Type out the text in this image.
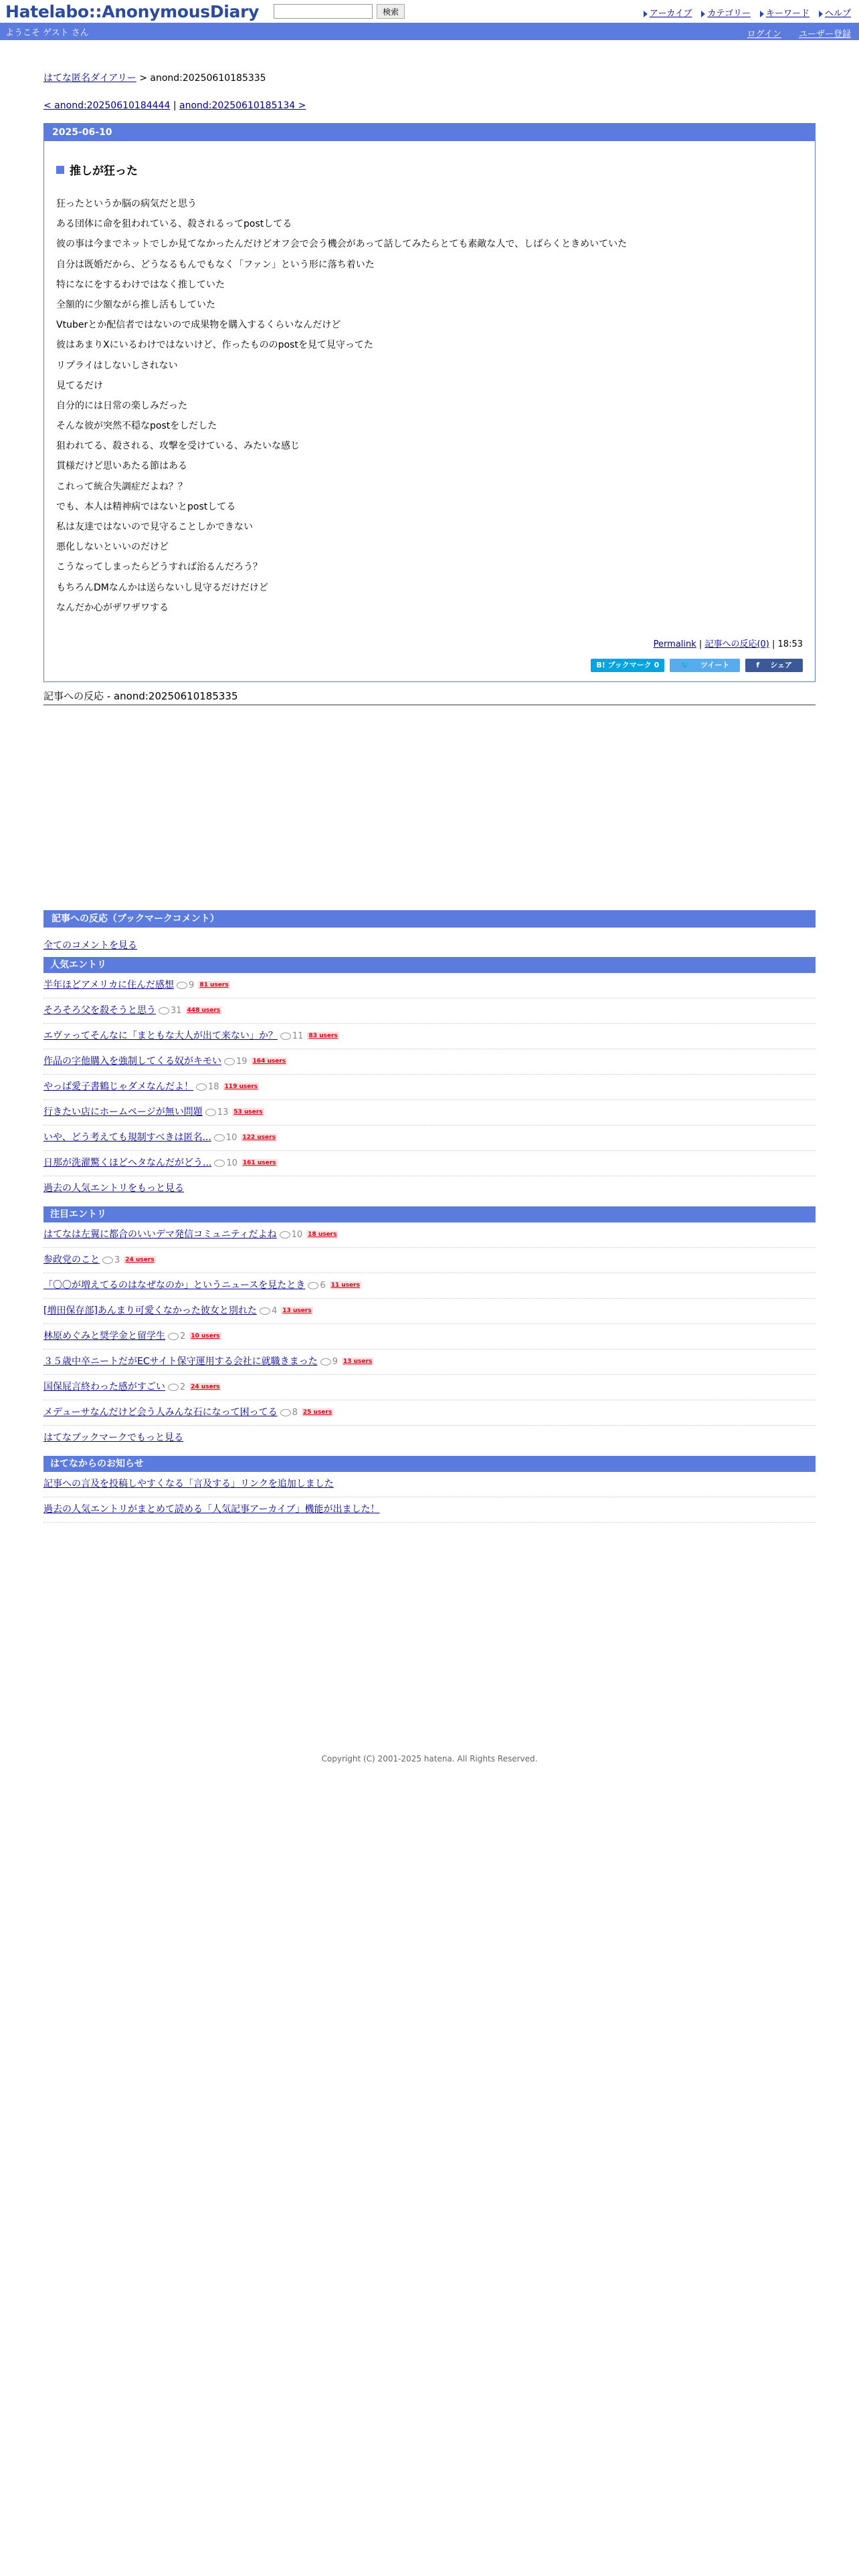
Hatelabo::AnonymousDiary	検索	アーカイブ	カテゴリー	キーワード	ヘルプ
ようこそ ゲスト さん	ログイン ユーザー登録
はてな匿名ダイアリー > anond:20250610185335
< anond:20250610184444 | anond:20250610185134 >
2025-06-10
推しが狂った
狂ったというか脳の病気だと思う
ある団体に命を狙われている、殺されるってpostしてる
彼の事は今までネットでしか見てなかったんだけどオフ会で会う機会があって話してみたらとても素敵な人で、しばらくときめいていた
自分は既婚だから、どうなるもんでもなく「ファン」という形に落ち着いた
特になにをするわけではなく推していた
全額的に少額ながら推し活もしていた
Vtuberとか配信者ではないので成果物を購入するくらいなんだけど
彼はあまりXにいるわけではないけど、作ったもののpostを見て見守ってた
リプライはしないしされない
見てるだけ
自分的には日常の楽しみだった
そんな彼が突然不穏なpostをしだした
狙われてる、殺される、攻撃を受けている、みたいな感じ
貫様だけど思いあたる節はある
これって統合失調症だよね？？
でも、本人は精神病ではないとpostしてる
私は友達ではないので見守ることしかできない
悪化しないといいのだけど
こうなってしまったらどうすれば治るんだろう？
もちろんDMなんかは送らないし見守るだけだけど
なんだか心がザワザワする
Permalink | 記事への反応(0) | 18:53
B! ブックマーク 0	🐦ツイート	fシェア
記事への反応 - anond:20250610185335
記事への反応（ブックマークコメント）
全てのコメントを見る
人気エントリ
半年ほどアメリカに住んだ感想 9 81 users
そろそろ父を殺そうと思う 31 448 users
エヴァってそんなに「まともな大人が出て来ない」か？ 11 83 users
作品の字他購入を強制してくる奴がキモい 19 164 users
やっぱ愛子書鶴じゃダメなんだよ！ 18 119 users
行きたい店にホームページが無い問題 13 53 users
いや、どう考えても規制すべきは匿名... 10 122 users
日那が洗濯驚くほどヘタなんだがどう... 10 161 users
過去の人気エントリをもっと見る
注目エントリ
はてなは左翼に都合のいいデマ発信コミュニティだよね 10 18 users
参政党のこと 3 24 users
「〇〇が増えてるのはなぜなのか」というニュースを見たとき 6 11 users
[増田保存部]あんまり可愛くなかった彼女と別れた 4 13 users
林原めぐみと奨学金と留学生 2 10 users
３５歳中卒ニートだがECサイト保守運用する会社に就職きまった 9 13 users
国保屁言終わった感がすごい 2 24 users
メデューサなんだけど会う人みんな石になって困ってる 8 25 users
はてなブックマークでもっと見る
はてなからのお知らせ
記事への言及を投稿しやすくなる「言及する」リンクを追加しました
過去の人気エントリがまとめて読める「人気記事アーカイブ」機能が出ました！
Copyright (C) 2001-2025 hatena. All Rights Reserved.
